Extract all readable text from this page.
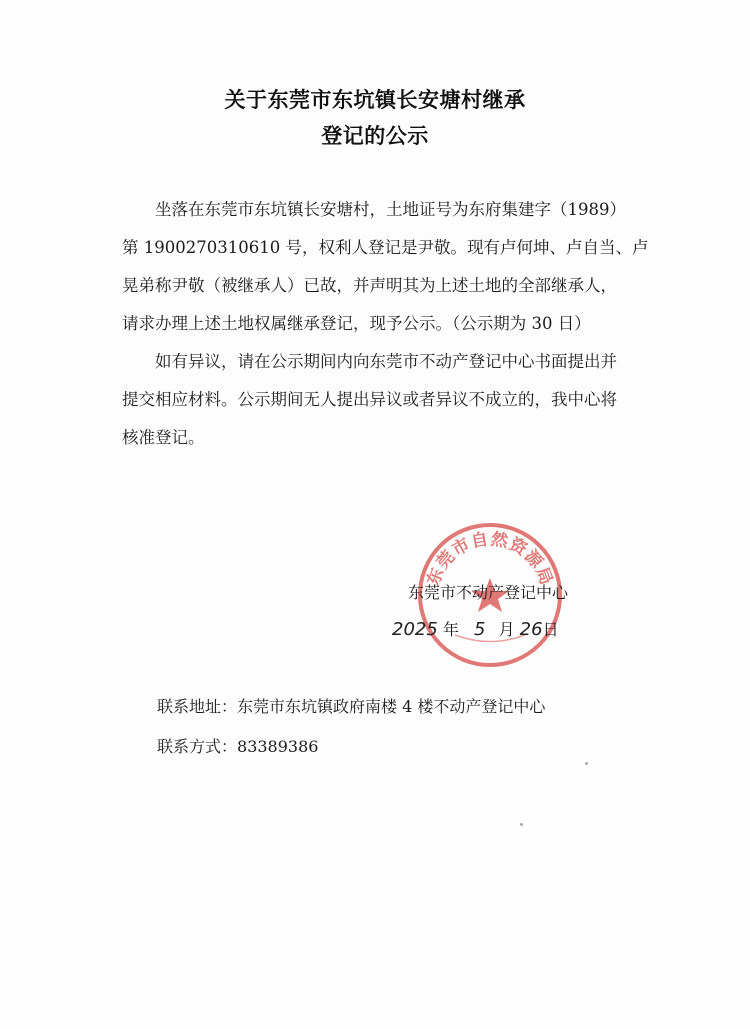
关于东莞市东坑镇长安塘村继承
登记的公示

坐落在东莞市东坑镇长安塘村，土地证号为东府集建字（1989）

第 1900270310610 号，权利人登记是尹敬。现有卢何坤、卢自当、卢

晃弟称尹敬（被继承人）已故，并声明其为上述土地的全部继承人，

请求办理上述土地权属继承登记，现予公示。（公示期为 30 日）

如有异议，请在公示期间内向东莞市不动产登记中心书面提出并

提交相应材料。公示期间无人提出异议或者异议不成立的，我中心将

核准登记。

东莞市自然资源局
东莞市不动产登记中心
2025 年 5 月 26日
联系地址：东莞市东坑镇政府南楼 4 楼不动产登记中心
联系方式：83389386
